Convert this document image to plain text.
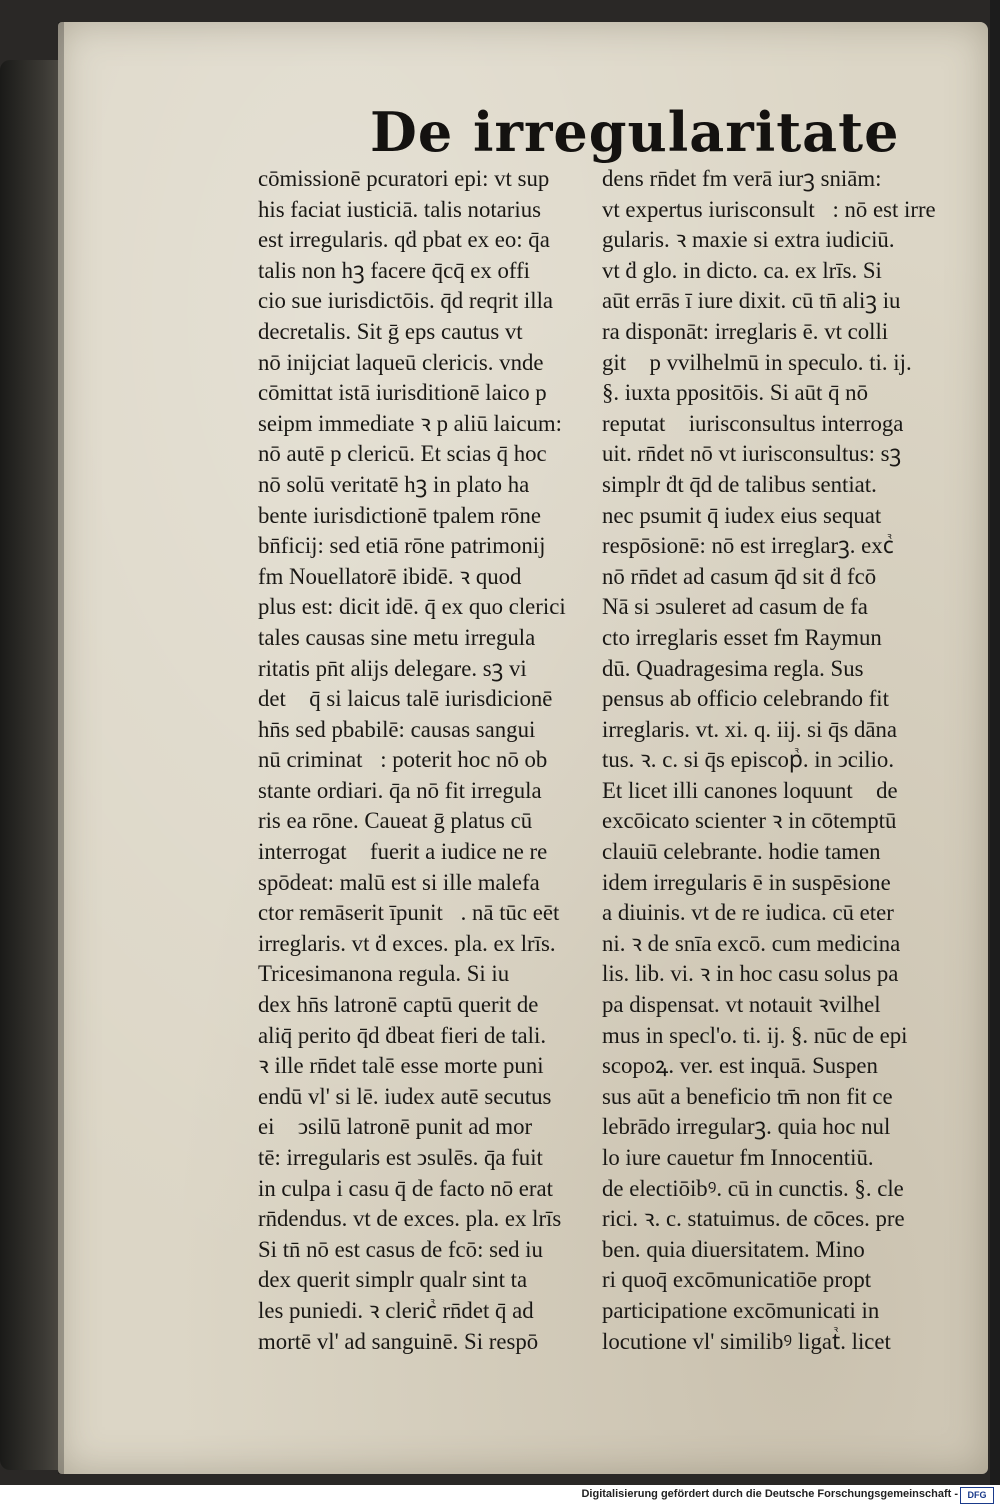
De irregularitate
cōmissionē pcuratori epi: vt sup
his faciat iusticiā. talis notarius
est irregularis. qḋ pbat ex eo: q̄a
talis non hꝫ facere q̄cq̄ ex offi
cio sue iurisdictōis. q̄d reqrit illa
decretalis. Sit ḡ eps cautus vt
nō inijciat laqueū clericis. vnde
cōmittat istā iurisditionē laico p
seipm immediate ꝛ p aliū laicum:
nō autē p clericū. Et scias q̄ hoc
nō solū veritatē hꝫ in plato ha
bente iurisdictionē tpalem rōne
bn̄ficij: sed etiā rōne patrimonij
fm Nouellatorē ibidē. ꝛ quod
plus est: dicit idē. q̄ ex quo clerici
tales causas sine metu irregula
ritatis pn̄t alijs delegare. sꝫ vi
detᷣ q̄ si laicus talē iurisdicionēꝫ
hn̄s sed pbabilē: causas sangui
nū criminatᷣ: poterit hoc nō ob
stante ordiari. q̄a nō fit irregula
ris ea rōne. Caueat ḡ platus cū
interrogatᷣ fuerit a iudice ne re
spōdeat: malū est si ille malefa
ctor remāserit īpunitᷣ. nā tūc eēt
irreglaris. vt ḋ exces. pla. ex lrīs.
Tricesimanona regula. Si iu
dex hn̄s latronē captū querit de
aliq̄ perito q̄d ḋbeat fieri de tali.
ꝛ ille rn̄det talē esse morte puni
endū vl' si lē. iudex autē secutus
eiᷣ ↄsilū latronē punit ad mor
tē: irregularis est ↄsulēs. q̄a fuit
in culpa i casu q̄ de facto nō erat
rn̄dendus. vt de exces. pla. ex lrīs
Si tn̄ nō est casus de fcō: sed iu
dex querit simplr qualr sint ta
les puniedi. ꝛ clericᷣ rn̄det q̄ ad
mortē vl' ad sanguinē. Si respō
dens rn̄det fm verā iurꝫ sniām:
vt expertus iurisconsultᷣ: nō est irre
gularis. ꝛ maxie si extra iudiciū.
vt ḋ glo. in dicto. ca. ex lrīs. Si
aūt errās ī iure dixit. cū tn̄ aliꝫ iu
ra disponāt: irreglaris ē. vt colli
gitᷣ p vvilhelmū in speculo. ti. ij.
§. iuxta ppositōis. Si aūt q̄ nō
reputatᷣ iurisconsultus interroga
uit. rn̄det nō vt iurisconsultus: sꝫ
simplr ḋt q̄d de talibus sentiat.
nec psumit q̄ iudex eius sequatᷣ
respōsionē: nō est irreglarꝫ. excᷣ
nō rn̄det ad casum q̄d sit ḋ fcō
Nā si ↄsuleret ad casum de fa
cto irreglaris esset fm Raymun
dū. Quadragesima regla. Sus
pensus ab officio celebrando fit
irreglaris. vt. xi. q. iij. si q̄s dāna
tus. ꝛ. c. si q̄s episcopᷣ. in ↄcilio.
Et licet illi canones loquuntᷣ de
excōicato scienter ꝛ in cōtemptū
clauiū celebrante. hodie tamen
idem irregularis ē in suspēsione
a diuinis. vt de re iudica. cū eter
ni. ꝛ de snīa excō. cum medicina
lis. lib. vi. ꝛ in hoc casu solus pa
pa dispensat. vt notauit ꝛvilhel
mus in specl'o. ti. ij. §. nūc de epi
scopoꝝ. ver. est inquā. Suspen
sus aūt a beneficio tm̄ non fit ce
lebrādo irregularꝫ. quia hoc nul
lo iure cauetur fm Innocentiū.
de electiōibꝰ. cū in cunctis. §. cle
rici. ꝛ. c. statuimus. de cōces. pre
ben. quia diuersitatem. Mino
ri quoq̄ excōmunicatiōe proptᷣ
participatione excōmunicati in
locutione vl' similibꝰ ligatᷣ. licet
Digitalisierung gefördert durch die Deutsche Forschungsgemeinschaft -	DFG
